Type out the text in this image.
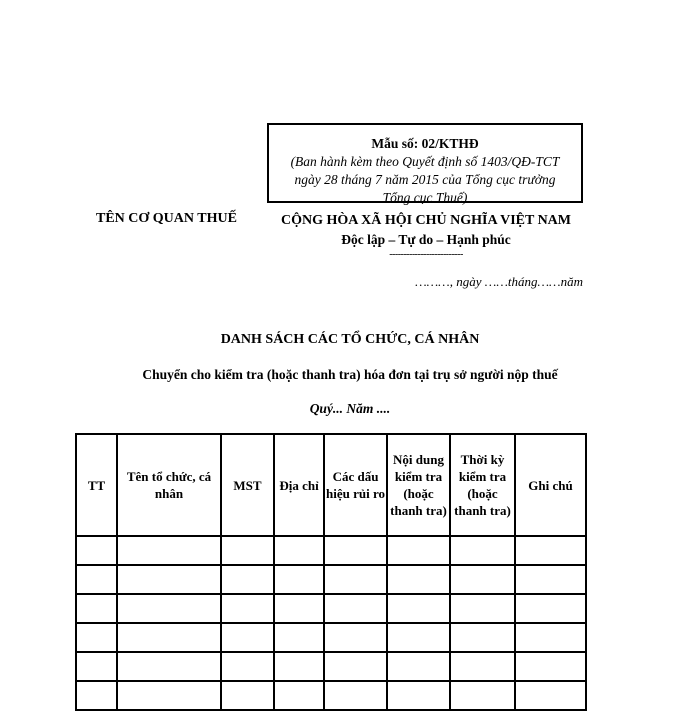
Mẫu số: 02/KTHĐ
(Ban hành kèm theo Quyết định số 1403/QĐ-TCT
ngày 28 tháng 7 năm 2015 của Tổng cục trưởng
Tổng cục Thuế)
TÊN CƠ QUAN THUẾ	CỘNG HÒA XÃ HỘI CHỦ NGHĨA VIỆT NAM
Độc lập – Tự do – Hạnh phúc
--------------------------
………, ngày ……tháng……năm
DANH SÁCH CÁC TỔ CHỨC, CÁ NHÂN
Chuyển cho kiểm tra (hoặc thanh tra) hóa đơn tại trụ sở người nộp thuế
Quý... Năm ....
TT	Tên tổ chức, cá nhân	MST	Địa chỉ	Các dấu hiệu rủi ro	Nội dung kiểm tra (hoặc thanh tra)	Thời kỳ kiểm tra (hoặc thanh tra)	Ghi chú
